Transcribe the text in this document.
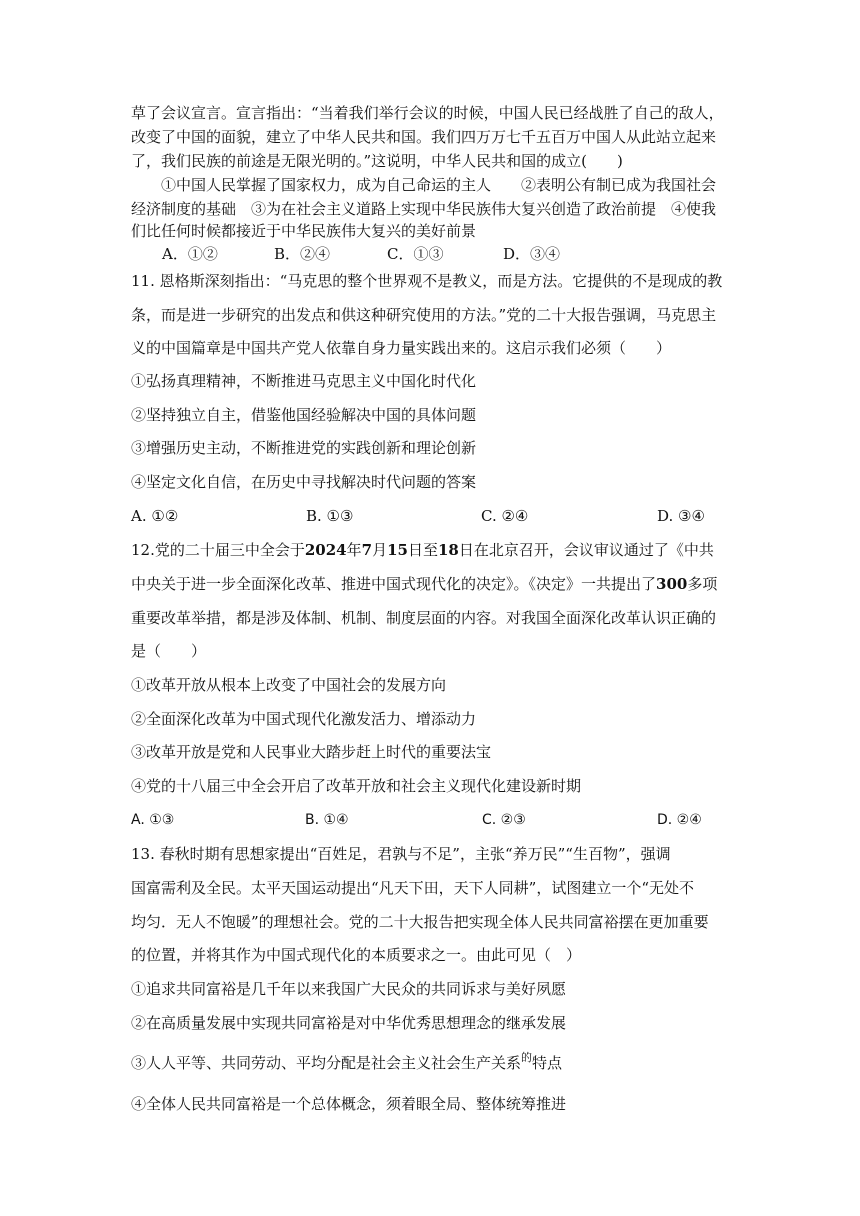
草了会议宣言。宣言指出：“当着我们举行会议的时候，中国人民已经战胜了自己的敌人，
改变了中国的面貌，建立了中华人民共和国。我们四万万七千五百万中国人从此站立起来
了，我们民族的前途是无限光明的。”这说明，中华人民共和国的成立(　　)
　　①中国人民掌握了国家权力，成为自己命运的主人　　②表明公有制已成为我国社会
经济制度的基础　③为在社会主义道路上实现中华民族伟大复兴创造了政治前提　④使我
们比任何时候都接近于中华民族伟大复兴的美好前景
A．①②	B．②④	C．①③	D．③④
11. 恩格斯深刻指出：“马克思的整个世界观不是教义，而是方法。它提供的不是现成的教
条，而是进一步研究的出发点和供这种研究使用的方法。”党的二十大报告强调，马克思主
义的中国篇章是中国共产党人依靠自身力量实践出来的。这启示我们必须（　　）
①弘扬真理精神，不断推进马克思主义中国化时代化
②坚持独立自主，借鉴他国经验解决中国的具体问题
③增强历史主动，不断推进党的实践创新和理论创新
④坚定文化自信，在历史中寻找解决时代问题的答案
A. ①②	B. ①③	C. ②④	D. ③④
12.党的二十届三中全会于2024年7月15日至18日在北京召开，会议审议通过了《中共
中央关于进一步全面深化改革、推进中国式现代化的决定》。《决定》一共提出了300多项
重要改革举措，都是涉及体制、机制、制度层面的内容。对我国全面深化改革认识正确的
是（　　）
①改革开放从根本上改变了中国社会的发展方向
②全面深化改革为中国式现代化激发活力、增添动力
③改革开放是党和人民事业大踏步赶上时代的重要法宝
④党的十八届三中全会开启了改革开放和社会主义现代化建设新时期
A. ①③	B. ①④	C. ②③	D. ②④
13. 春秋时期有思想家提出“百姓足，君孰与不足”，主张“养万民”“生百物”，强调
国富需利及全民。太平天国运动提出“凡天下田，天下人同耕”，试图建立一个“无处不
均匀．无人不饱暖”的理想社会。党的二十大报告把实现全体人民共同富裕摆在更加重要
的位置，并将其作为中国式现代化的本质要求之一。由此可见（　）
①追求共同富裕是几千年以来我国广大民众的共同诉求与美好夙愿
②在高质量发展中实现共同富裕是对中华优秀思想理念的继承发展
③人人平等、共同劳动、平均分配是社会主义社会生产关系$^的$特点
④全体人民共同富裕是一个总体概念，须着眼全局、整体统筹推进
